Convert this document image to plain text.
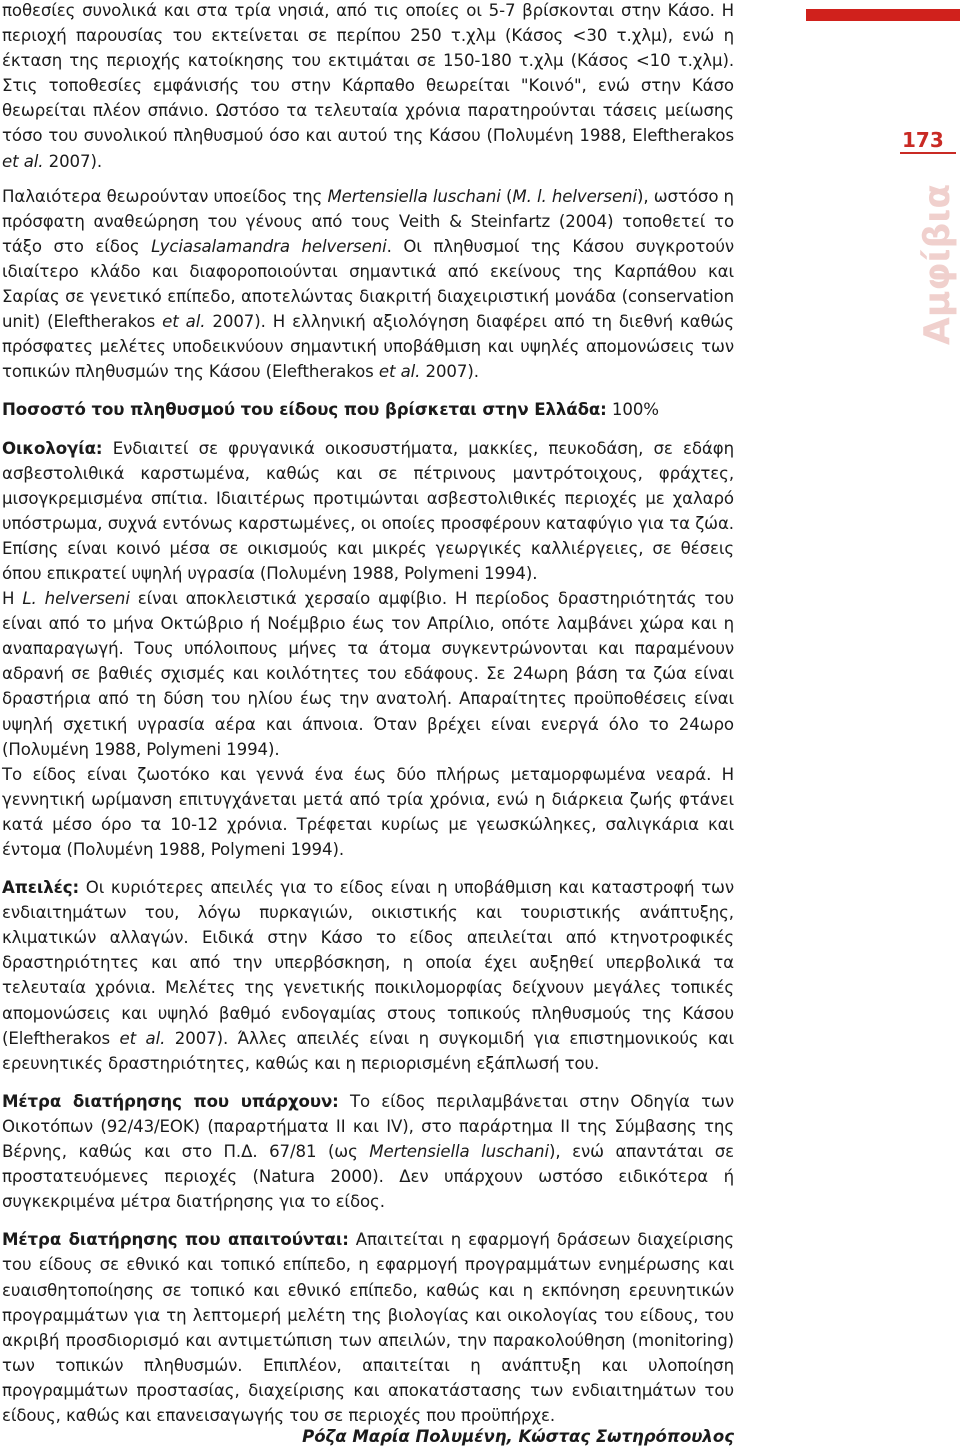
173
Αμφίβια

ποθεσίες συνολικά και στα τρία νησιά, από τις οποίες οι 5-7 βρίσκονται στην Κάσο. Η περιοχή παρουσίας του εκτείνεται σε περίπου 250 τ.χλμ (Κάσος <30 τ.χλμ), ενώ η έκταση της περιοχής κατοίκησης του εκτιμάται σε 150-180 τ.χλμ (Κάσος <10 τ.χλμ). Στις τοποθεσίες εμφάνισής του στην Κάρπαθο θεωρείται "Κοινό", ενώ στην Κάσο θεωρείται πλέον σπάνιο. Ωστόσο τα τελευταία χρόνια παρατηρούνται τάσεις μείωσης τόσο του συνολικού πληθυσμού όσο και αυτού της Κάσου (Πολυμένη 1988, Eleftherakos et al. 2007).

Παλαιότερα θεωρούνταν υποείδος της Mertensiella luschani (M. l. helverseni), ωστόσο η πρόσφατη αναθεώρηση του γένους από τους Veith & Steinfartz (2004) τοποθετεί το τάξο στο είδος Lyciasalamandra helverseni. Οι πληθυσμοί της Κάσου συγκροτούν ιδιαίτερο κλάδο και διαφοροποιούνται σημαντικά από εκείνους της Καρπάθου και Σαρίας σε γενετικό επίπεδο, αποτελώντας διακριτή διαχειριστική μονάδα (conservation unit) (Eleftherakos et al. 2007). Η ελληνική αξιολόγηση διαφέρει από τη διεθνή καθώς πρόσφατες μελέτες υποδεικνύουν σημαντική υποβάθμιση και υψηλές απομονώσεις των τοπικών πληθυσμών της Κάσου (Eleftherakos et al. 2007).

Ποσοστό του πληθυσμού του είδους που βρίσκεται στην Ελλάδα: 100%

Οικολογία: Ενδιαιτεί σε φρυγανικά οικοσυστήματα, μακκίες, πευκοδάση, σε εδάφη ασβεστολιθικά καρστωμένα, καθώς και σε πέτρινους μαντρότοιχους, φράχτες, μισογκρεμισμένα σπίτια. Ιδιαιτέρως προτιμώνται ασβεστολιθικές περιοχές με χαλαρό υπόστρωμα, συχνά εντόνως καρστωμένες, οι οποίες προσφέρουν καταφύγιο για τα ζώα. Επίσης είναι κοινό μέσα σε οικισμούς και μικρές γεωργικές καλλιέργειες, σε θέσεις όπου επικρατεί υψηλή υγρασία (Πολυμένη 1988, Polymeni 1994).

Η L. helverseni είναι αποκλειστικά χερσαίο αμφίβιο. Η περίοδος δραστηριότητάς του είναι από το μήνα Οκτώβριο ή Νοέμβριο έως τον Απρίλιο, οπότε λαμβάνει χώρα και η αναπαραγωγή. Τους υπόλοιπους μήνες τα άτομα συγκεντρώνονται και παραμένουν αδρανή σε βαθιές σχισμές και κοιλότητες του εδάφους. Σε 24ωρη βάση τα ζώα είναι δραστήρια από τη δύση του ηλίου έως την ανατολή. Απαραίτητες προϋποθέσεις είναι υψηλή σχετική υγρασία αέρα και άπνοια. Όταν βρέχει είναι ενεργά όλο το 24ωρο (Πολυμένη 1988, Polymeni 1994).

Το είδος είναι ζωοτόκο και γεννά ένα έως δύο πλήρως μεταμορφωμένα νεαρά. Η γεννητική ωρίμανση επιτυγχάνεται μετά από τρία χρόνια, ενώ η διάρκεια ζωής φτάνει κατά μέσο όρο τα 10-12 χρόνια. Τρέφεται κυρίως με γεωσκώληκες, σαλιγκάρια και έντομα (Πολυμένη 1988, Polymeni 1994).

Απειλές: Οι κυριότερες απειλές για το είδος είναι η υποβάθμιση και καταστροφή των ενδιαιτημάτων του, λόγω πυρκαγιών, οικιστικής και τουριστικής ανάπτυξης, κλιματικών αλλαγών. Ειδικά στην Κάσο το είδος απειλείται από κτηνοτροφικές δραστηριότητες και από την υπερβόσκηση, η οποία έχει αυξηθεί υπερβολικά τα τελευταία χρόνια. Μελέτες της γενετικής ποικιλομορφίας δείχνουν μεγάλες τοπικές απομονώσεις και υψηλό βαθμό ενδογαμίας στους τοπικούς πληθυσμούς της Κάσου (Eleftherakos et al. 2007). Άλλες απειλές είναι η συγκομιδή για επιστημονικούς και ερευνητικές δραστηριότητες, καθώς και η περιορισμένη εξάπλωσή του.

Μέτρα διατήρησης που υπάρχουν: Το είδος περιλαμβάνεται στην Οδηγία των Οικοτόπων (92/43/ΕΟΚ) (παραρτήματα II και IV), στο παράρτημα II της Σύμβασης της Βέρνης, καθώς και στο Π.Δ. 67/81 (ως Mertensiella luschani), ενώ απαντάται σε προστατευόμενες περιοχές (Natura 2000). Δεν υπάρχουν ωστόσο ειδικότερα ή συγκεκριμένα μέτρα διατήρησης για το είδος.

Μέτρα διατήρησης που απαιτούνται: Απαιτείται η εφαρμογή δράσεων διαχείρισης του είδους σε εθνικό και τοπικό επίπεδο, η εφαρμογή προγραμμάτων ενημέρωσης και ευαισθητοποίησης σε τοπικό και εθνικό επίπεδο, καθώς και η εκπόνηση ερευνητικών προγραμμάτων για τη λεπτομερή μελέτη της βιολογίας και οικολογίας του είδους, του ακριβή προσδιορισμό και αντιμετώπιση των απειλών, την παρακολούθηση (monitoring) των τοπικών πληθυσμών. Επιπλέον, απαιτείται η ανάπτυξη και υλοποίηση προγραμμάτων προστασίας, διαχείρισης και αποκατάστασης των ενδιαιτημάτων του είδους, καθώς και επανεισαγωγής του σε περιοχές που προϋπήρχε.

Ρόζα Μαρία Πολυμένη, Κώστας Σωτηρόπουλος
